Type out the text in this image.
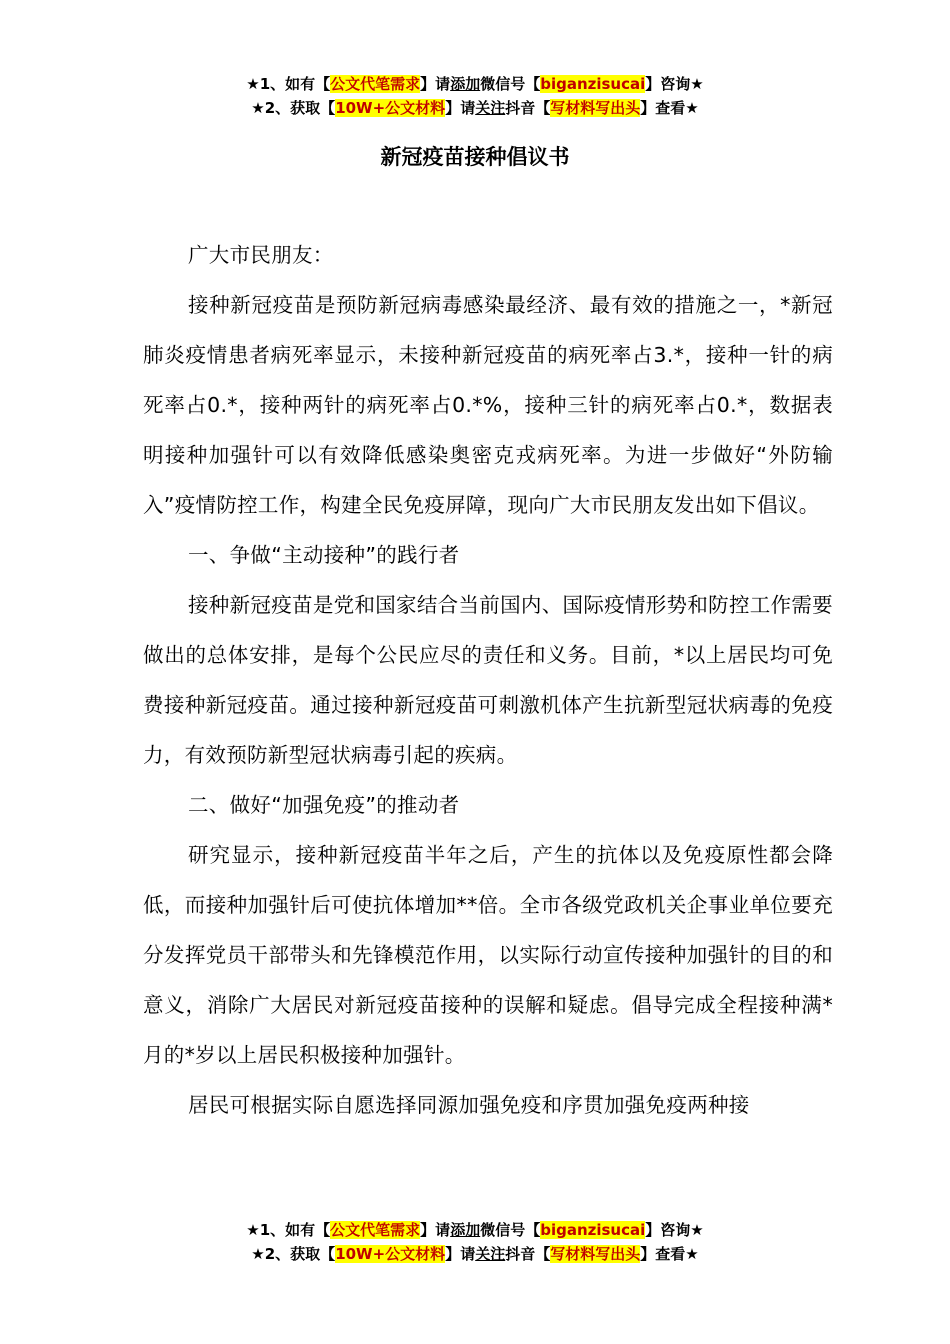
★1、如有【公文代笔需求】请添加微信号【biganzisucai】咨询★
★2、获取【10W+公文材料】请关注抖音【写材料写出头】查看★
新冠疫苗接种倡议书

广大市民朋友：

接种新冠疫苗是预防新冠病毒感染最经济、最有效的措施之一，*新冠肺炎疫情患者病死率显示，未接种新冠疫苗的病死率占3.*，接种一针的病死率占0.*，接种两针的病死率占0.*%，接种三针的病死率占0.*，数据表明接种加强针可以有效降低感染奥密克戎病死率。为进一步做好“外防输入”疫情防控工作，构建全民免疫屏障，现向广大市民朋友发出如下倡议。

一、争做“主动接种”的践行者

接种新冠疫苗是党和国家结合当前国内、国际疫情形势和防控工作需要做出的总体安排，是每个公民应尽的责任和义务。目前，*以上居民均可免费接种新冠疫苗。通过接种新冠疫苗可刺激机体产生抗新型冠状病毒的免疫力，有效预防新型冠状病毒引起的疾病。

二、做好“加强免疫”的推动者

研究显示，接种新冠疫苗半年之后，产生的抗体以及免疫原性都会降低，而接种加强针后可使抗体增加**倍。全市各级党政机关企事业单位要充分发挥党员干部带头和先锋模范作用，以实际行动宣传接种加强针的目的和意义，消除广大居民对新冠疫苗接种的误解和疑虑。倡导完成全程接种满*月的*岁以上居民积极接种加强针。

居民可根据实际自愿选择同源加强免疫和序贯加强免疫两种接

★1、如有【公文代笔需求】请添加微信号【biganzisucai】咨询★
★2、获取【10W+公文材料】请关注抖音【写材料写出头】查看★
